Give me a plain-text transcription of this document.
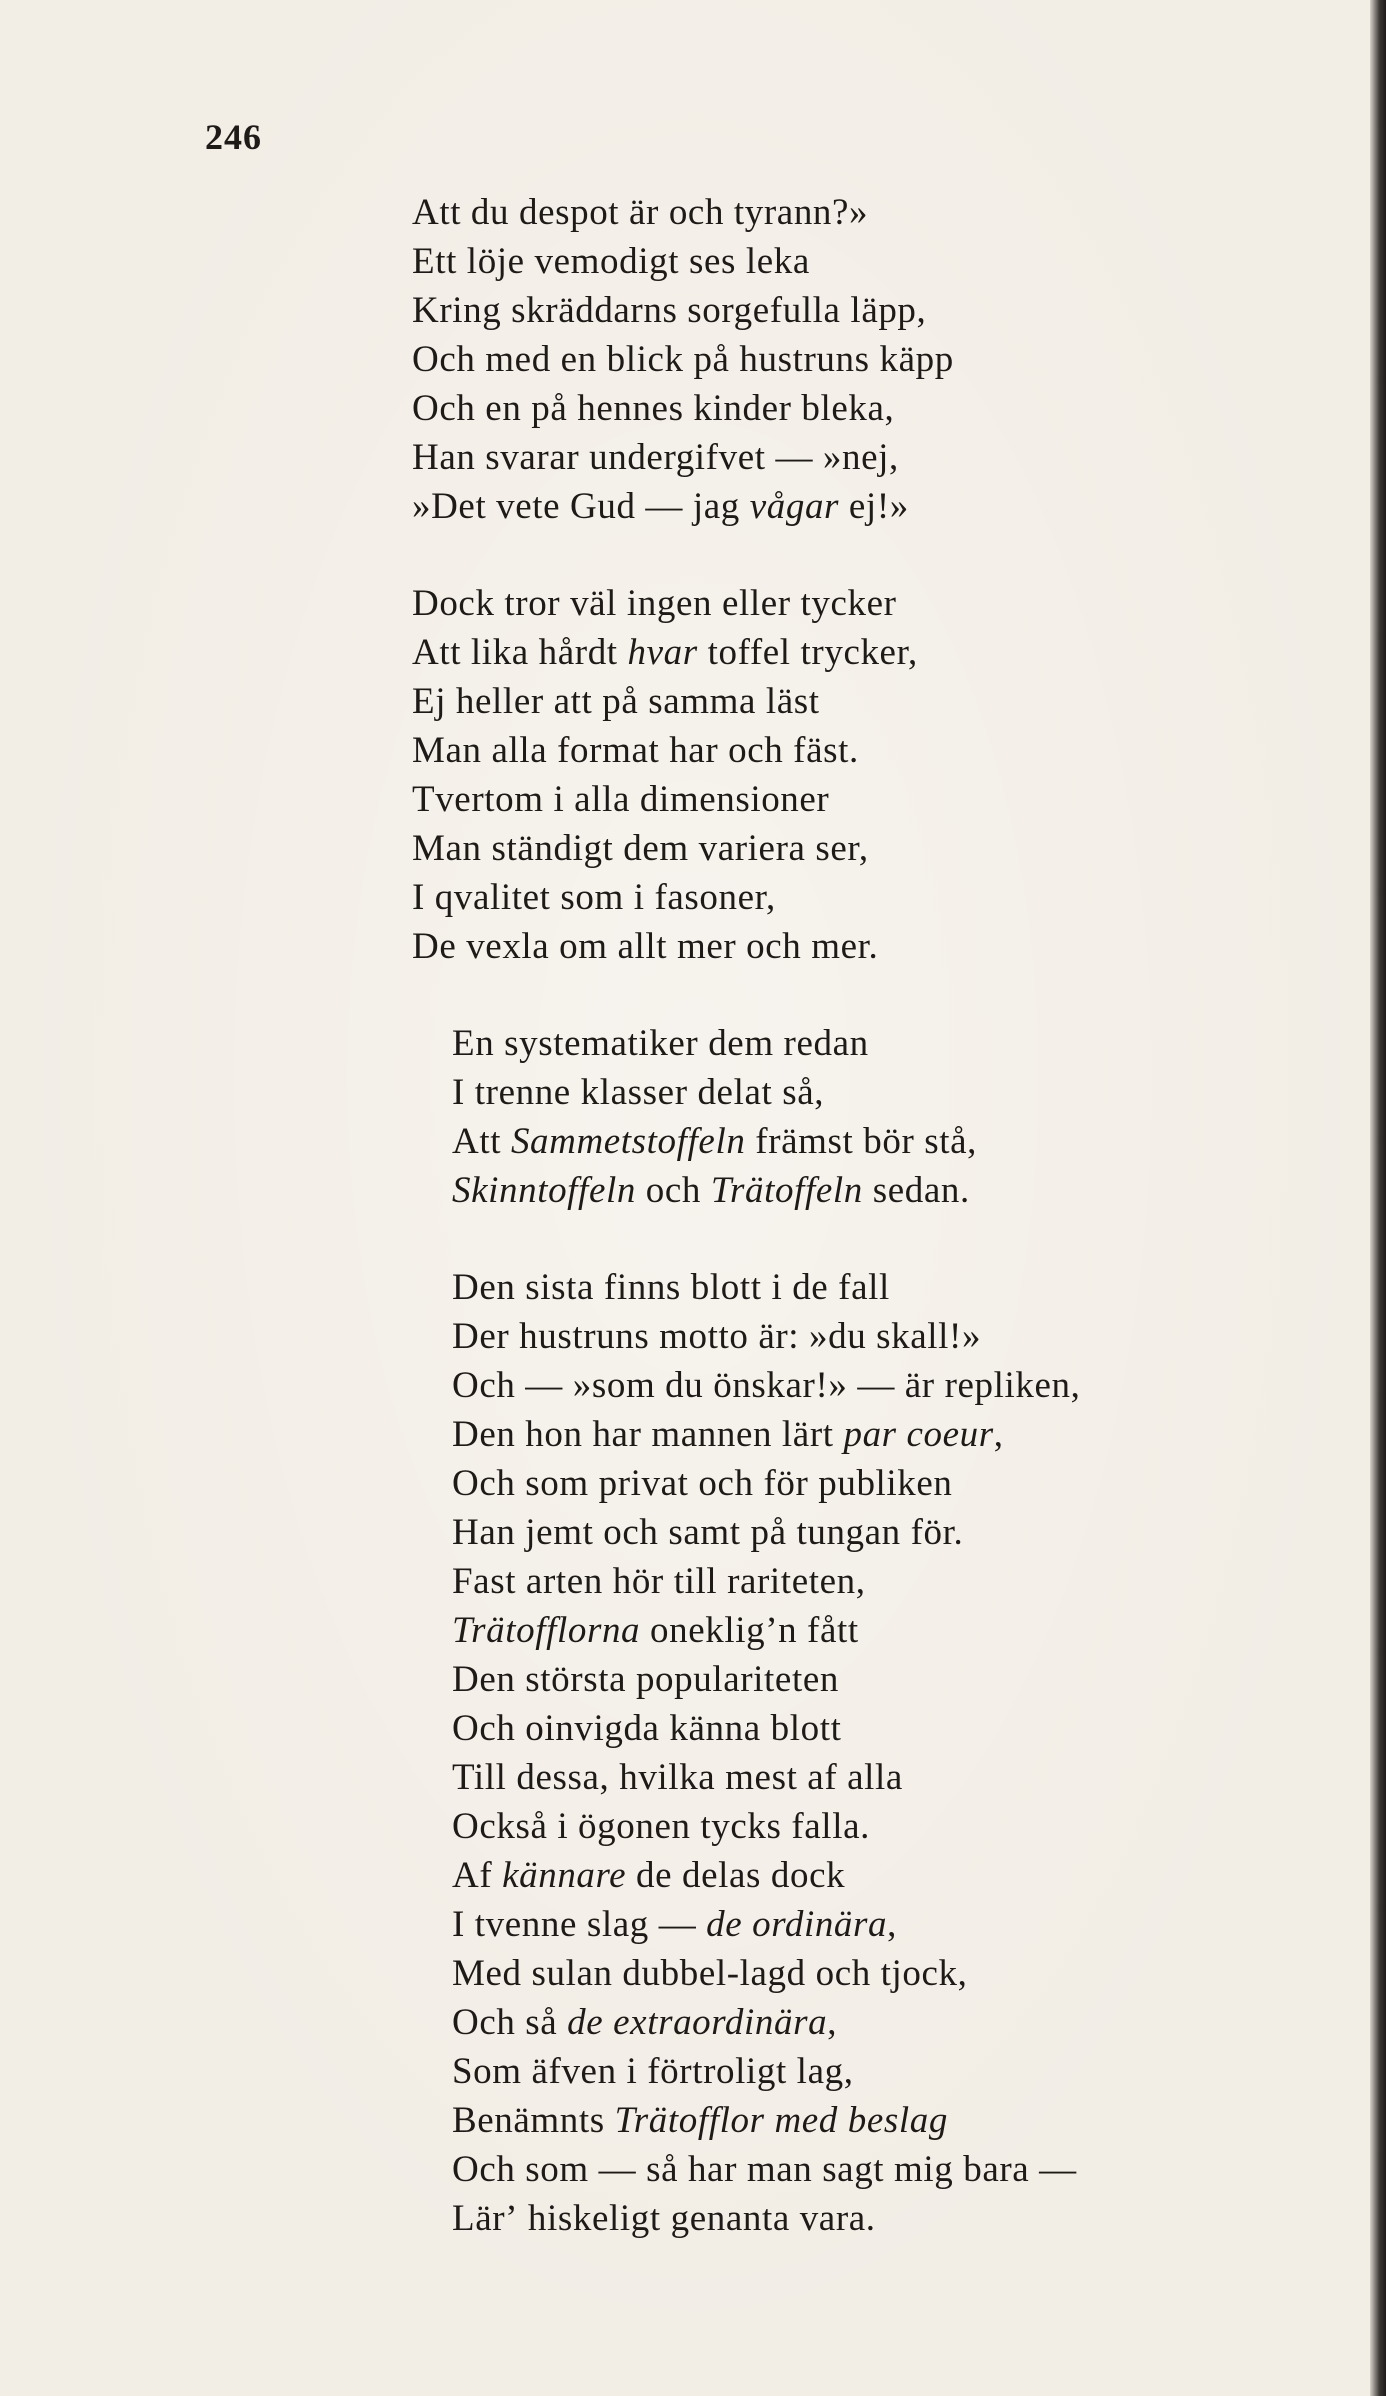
246
Att du despot är och tyrann?»
Ett löje vemodigt ses leka
Kring skräddarns sorgefulla läpp,
Och med en blick på hustruns käpp
Och en på hennes kinder bleka,
Han svarar undergifvet — »nej,
»Det vete Gud — jag vågar ej!»
Dock tror väl ingen eller tycker
Att lika hårdt hvar toffel trycker,
Ej heller att på samma läst
Man alla format har och fäst.
Tvertom i alla dimensioner
Man ständigt dem variera ser,
I qvalitet som i fasoner,
De vexla om allt mer och mer.
En systematiker dem redan
I trenne klasser delat så,
Att Sammetstoffeln främst bör stå,
Skinntoffeln och Trätoffeln sedan.
Den sista finns blott i de fall
Der hustruns motto är: »du skall!»
Och — »som du önskar!» — är repliken,
Den hon har mannen lärt par coeur,
Och som privat och för publiken
Han jemt och samt på tungan för.
Fast arten hör till rariteten,
Trätofflorna onekligʼn fått
Den största populariteten
Och oinvigda känna blott
Till dessa, hvilka mest af alla
Också i ögonen tycks falla.
Af kännare de delas dock
I tvenne slag — de ordinära,
Med sulan dubbel-lagd och tjock,
Och så de extraordinära,
Som äfven i förtroligt lag,
Benämnts Trätofflor med beslag
Och som — så har man sagt mig bara —
Lärʼ hiskeligt genanta vara.
